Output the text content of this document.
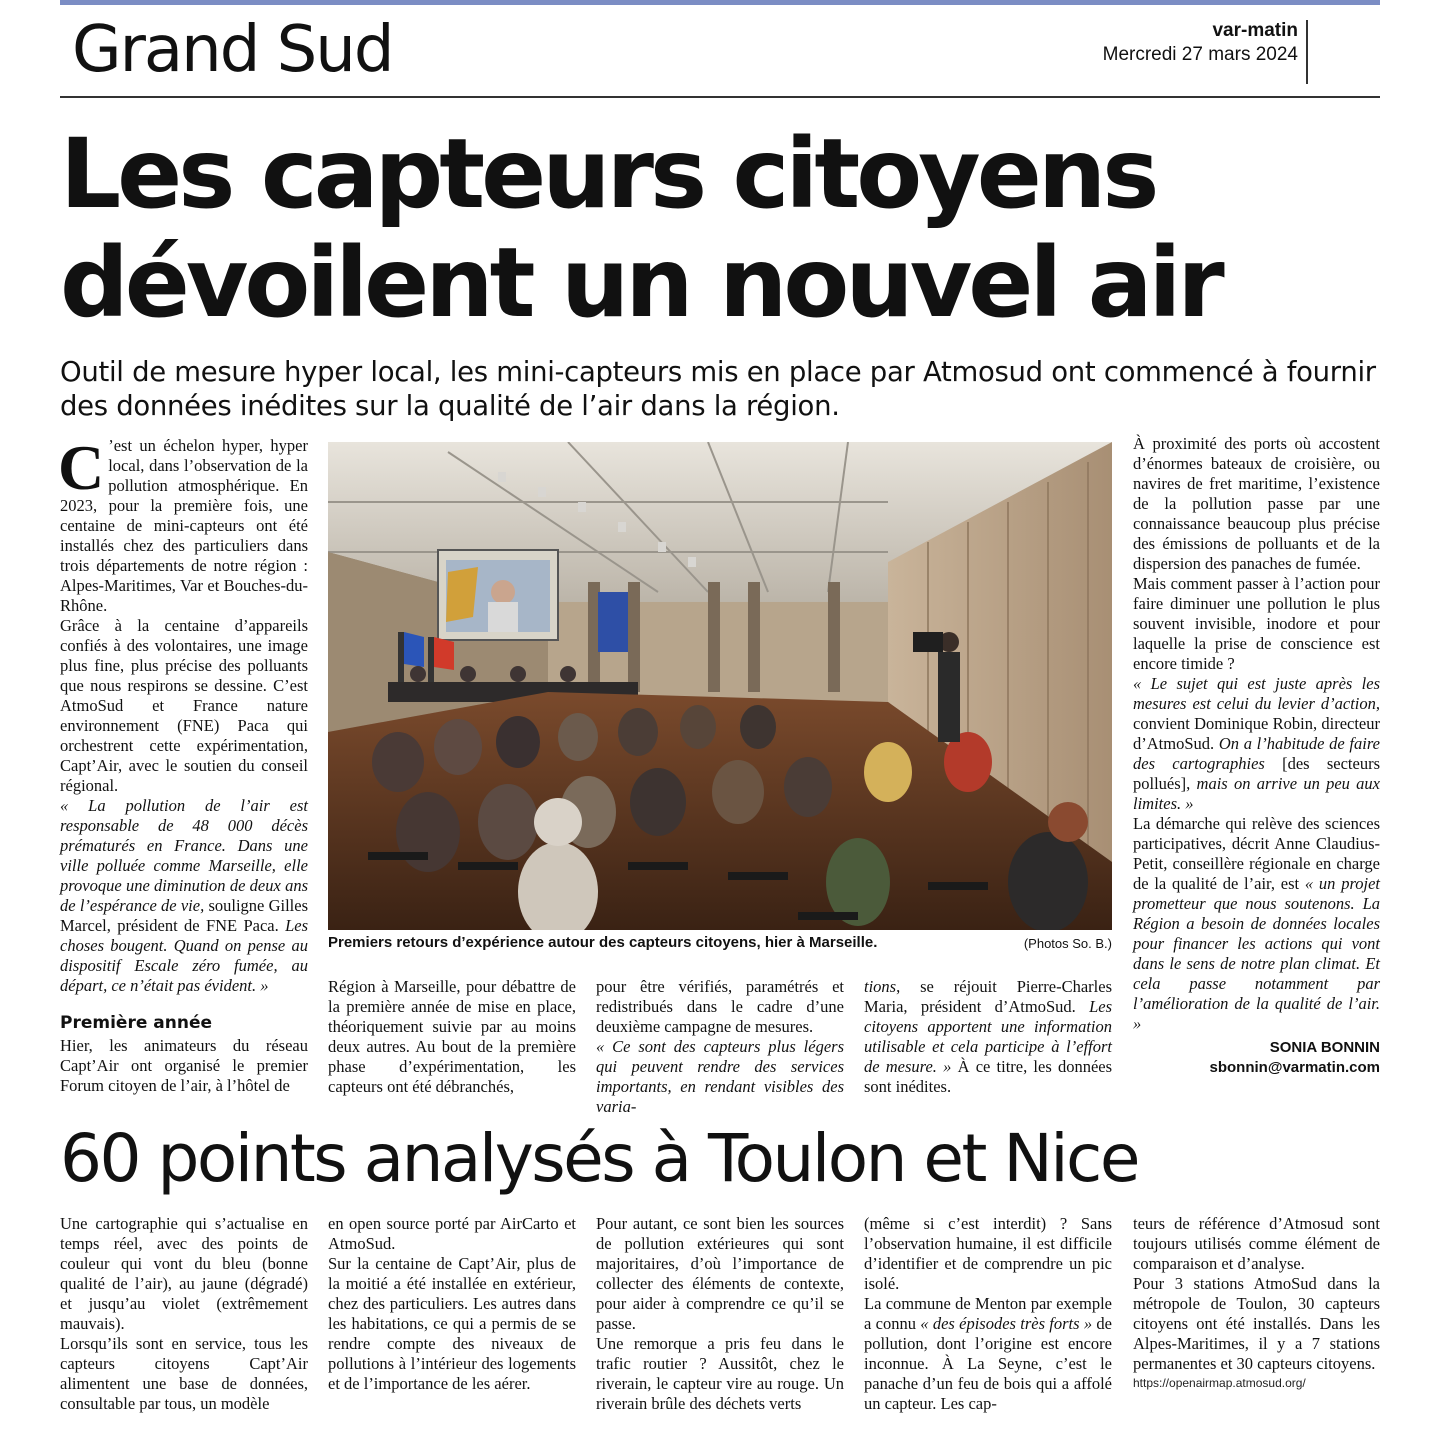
Grand Sud	var-matin
Mercredi 27 mars 2024
Les capteurs citoyens
dévoilent un nouvel air
Outil de mesure hyper local, les mini-capteurs mis en place par Atmosud ont commencé à fournir des données inédites sur la qualité de l’air dans la région.

C ’est un échelon hyper, hyper local, dans l’observation de la pollution atmosphérique. En 2023, pour la première fois, une centaine de mini-capteurs ont été installés chez des particuliers dans trois départements de notre région : Alpes-Maritimes, Var et Bouches-du-Rhône.

Grâce à la centaine d’appareils confiés à des volontaires, une image plus fine, plus précise des polluants que nous respirons se dessine. C’est AtmoSud et France nature environnement (FNE) Paca qui orchestrent cette expérimentation, Capt’Air, avec le soutien du conseil régional.

« La pollution de l’air est responsable de 48 000 décès prématurés en France. Dans une ville polluée comme Marseille, elle provoque une diminution de deux ans de l’espérance de vie, souligne Gilles Marcel, président de FNE Paca. Les choses bougent. Quand on pense au dispositif Escale zéro fumée, au départ, ce n’était pas évident. »

Première année

Hier, les animateurs du réseau Capt’Air ont organisé le premier Forum citoyen de l’air, à l’hôtel de

Premiers retours d’expérience autour des capteurs citoyens, hier à Marseille.	(Photos So. B.)

Région à Marseille, pour débattre de la première année de mise en place, théoriquement suivie par au moins deux autres. Au bout de la première phase d’expérimentation, les capteurs ont été débranchés,

pour être vérifiés, paramétrés et redistribués dans le cadre d’une deuxième campagne de mesures.

« Ce sont des capteurs plus légers qui peuvent rendre des services importants, en rendant visibles des varia-

tions, se réjouit Pierre-Charles Maria, président d’AtmoSud. Les citoyens apportent une information utilisable et cela participe à l’effort de mesure. » À ce titre, les données sont inédites.

À proximité des ports où accostent d’énormes bateaux de croisière, ou navires de fret maritime, l’existence de la pollution passe par une connaissance beaucoup plus précise des émissions de polluants et de la dispersion des panaches de fumée.

Mais comment passer à l’action pour faire diminuer une pollution le plus souvent invisible, inodore et pour laquelle la prise de conscience est encore timide ?

« Le sujet qui est juste après les mesures est celui du levier d’action, convient Dominique Robin, directeur d’AtmoSud. On a l’habitude de faire des cartographies [des secteurs pollués], mais on arrive un peu aux limites. »

La démarche qui relève des sciences participatives, décrit Anne Claudius-Petit, conseillère régionale en charge de la qualité de l’air, est « un projet prometteur que nous soutenons. La Région a besoin de données locales pour financer les actions qui vont dans le sens de notre plan climat. Et cela passe notamment par l’amélioration de la qualité de l’air. »

SONIA BONNIN

sbonnin@varmatin.com

60 points analysés à Toulon et Nice

Une cartographie qui s’actualise en temps réel, avec des points de couleur qui vont du bleu (bonne qualité de l’air), au jaune (dégradé) et jusqu’au violet (extrêmement mauvais).

Lorsqu’ils sont en service, tous les capteurs citoyens Capt’Air alimentent une base de données, consultable par tous, un modèle

en open source porté par AirCarto et AtmoSud.

Sur la centaine de Capt’Air, plus de la moitié a été installée en extérieur, chez des particuliers. Les autres dans les habitations, ce qui a permis de se rendre compte des niveaux de pollutions à l’intérieur des logements et de l’importance de les aérer.

Pour autant, ce sont bien les sources de pollution extérieures qui sont majoritaires, d’où l’importance de collecter des éléments de contexte, pour aider à comprendre ce qu’il se passe.

Une remorque a pris feu dans le trafic routier ? Aussitôt, chez le riverain, le capteur vire au rouge. Un riverain brûle des déchets verts

(même si c’est interdit) ? Sans l’observation humaine, il est difficile d’identifier et de comprendre un pic isolé.

La commune de Menton par exemple a connu « des épisodes très forts » de pollution, dont l’origine est encore inconnue. À La Seyne, c’est le panache d’un feu de bois qui a affolé un capteur. Les cap-

teurs de référence d’Atmosud sont toujours utilisés comme élément de comparaison et d’analyse.

Pour 3 stations AtmoSud dans la métropole de Toulon, 30 capteurs citoyens ont été installés. Dans les Alpes-Maritimes, il y a 7 stations permanentes et 30 capteurs citoyens.

https://openairmap.atmosud.org/
